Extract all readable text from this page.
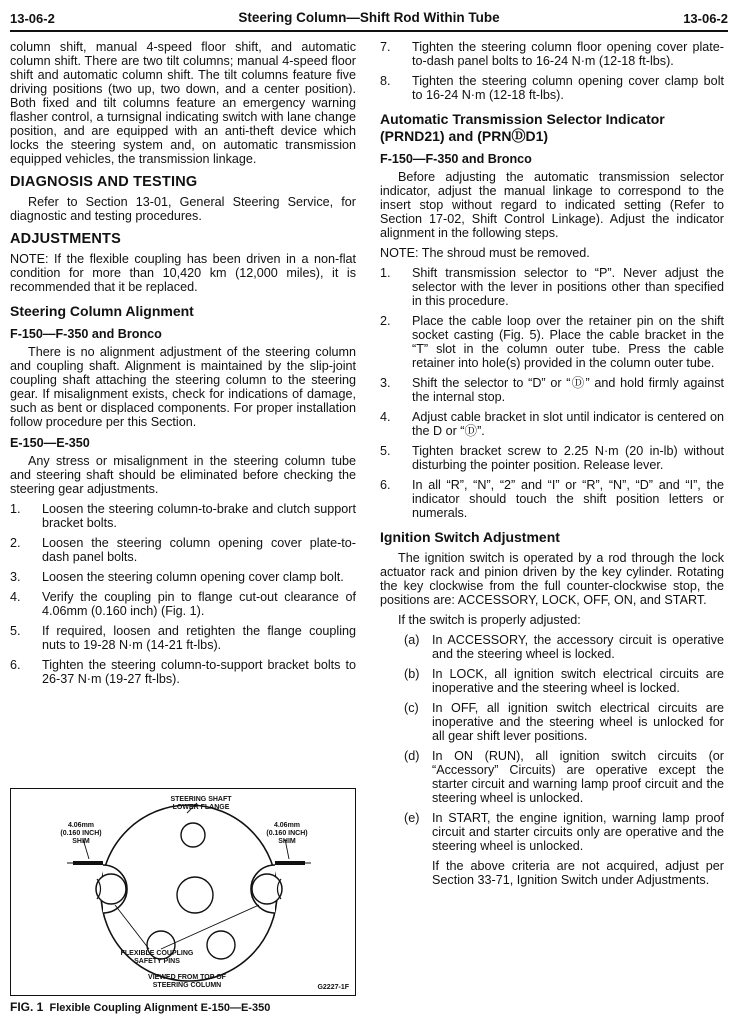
13-06-2	Steering Column—Shift Rod Within Tube	13-06-2

column shift, manual 4-speed floor shift, and automatic column shift. There are two tilt columns; manual 4-speed floor shift and automatic column shift. The tilt columns feature five driving positions (two up, two down, and a center position). Both fixed and tilt columns feature an emergency warning flasher control, a turnsignal indicating switch with lane change position, and are equipped with an anti-theft device which locks the steering system and, on automatic transmission equipped vehicles, the transmission linkage.

DIAGNOSIS AND TESTING

Refer to Section 13-01, General Steering Service, for diagnostic and testing procedures.

ADJUSTMENTS

NOTE: If the flexible coupling has been driven in a non-flat condition for more than 10,420 km (12,000 miles), it is recommended that it be replaced.

Steering Column Alignment
F-150—F-350 and Bronco

There is no alignment adjustment of the steering column and coupling shaft. Alignment is maintained by the slip-joint coupling shaft attaching the steering column to the steering gear. If misalignment exists, check for indications of damage, such as bent or displaced components. For proper installation follow procedure per this Section.

E-150—E-350

Any stress or misalignment in the steering column tube and steering shaft should be eliminated before checking the steering gear adjustments.

1.	Loosen the steering column-to-brake and clutch support bracket bolts.
2.	Loosen the steering column opening cover plate-to-dash panel bolts.
3.	Loosen the steering column opening cover clamp bolt.
4.	Verify the coupling pin to flange cut-out clearance of 4.06mm (0.160 inch) (Fig. 1).
5.	If required, loosen and retighten the flange coupling nuts to 19-28 N·m (14-21 ft-lbs).
6.	Tighten the steering column-to-support bracket bolts to 26-37 N·m (19-27 ft-lbs).
STEERING SHAFT
LOWER FLANGE
4.06mm
(0.160 INCH)
SHIM
4.06mm
(0.160 INCH)
SHIM
FLEXIBLE COUPLING
SAFETY PINS
VIEWED FROM TOP OF
STEERING COLUMN	G2227-1F
FIG. 1 Flexible Coupling Alignment E-150—E-350
7.	Tighten the steering column floor opening cover plate-to-dash panel bolts to 16-24 N·m (12-18 ft-lbs).
8.	Tighten the steering column opening cover clamp bolt to 16-24 N·m (12-18 ft-lbs).
Automatic Transmission Selector Indicator (PRND21) and (PRNⒹD1)
F-150—F-350 and Bronco

Before adjusting the automatic transmission selector indicator, adjust the manual linkage to correspond to the insert stop without regard to indicated setting (Refer to Section 17-02, Shift Control Linkage). Adjust the indicator alignment in the following steps.

NOTE: The shroud must be removed.

1.	Shift transmission selector to “P”. Never adjust the selector with the lever in positions other than specified in this procedure.
2.	Place the cable loop over the retainer pin on the shift socket casting (Fig. 5). Place the cable bracket in the “T” slot in the column outer tube. Press the cable retainer into hole(s) provided in the column outer tube.
3.	Shift the selector to “D” or “Ⓓ” and hold firmly against the internal stop.
4.	Adjust cable bracket in slot until indicator is centered on the D or “Ⓓ”.
5.	Tighten bracket screw to 2.25 N·m (20 in-lb) without disturbing the pointer position. Release lever.
6.	In all “R”, “N”, “2” and “I” or “R”, “N”, “D” and “I”, the indicator should touch the shift position letters or numerals.
Ignition Switch Adjustment

The ignition switch is operated by a rod through the lock actuator rack and pinion driven by the key cylinder. Rotating the key clockwise from the full counter-clockwise stop, the positions are: ACCESSORY, LOCK, OFF, ON, and START.

If the switch is properly adjusted:

(a) In ACCESSORY, the accessory circuit is operative and the steering wheel is locked.
(b) In LOCK, all ignition switch electrical circuits are inoperative and the steering wheel is locked.
(c)	In OFF, all ignition switch electrical circuits are inoperative and the steering wheel is unlocked for all gear shift lever positions.
(d) In ON (RUN), all ignition switch circuits (or “Accessory” Circuits) are operative except the starter circuit and warning lamp proof circuit and the steering wheel is unlocked.
(e) In START, the engine ignition, warning lamp proof circuit and starter circuits only are operative and the steering wheel is unlocked.

If the above criteria are not acquired, adjust per Section 33-71, Ignition Switch under Adjustments.
